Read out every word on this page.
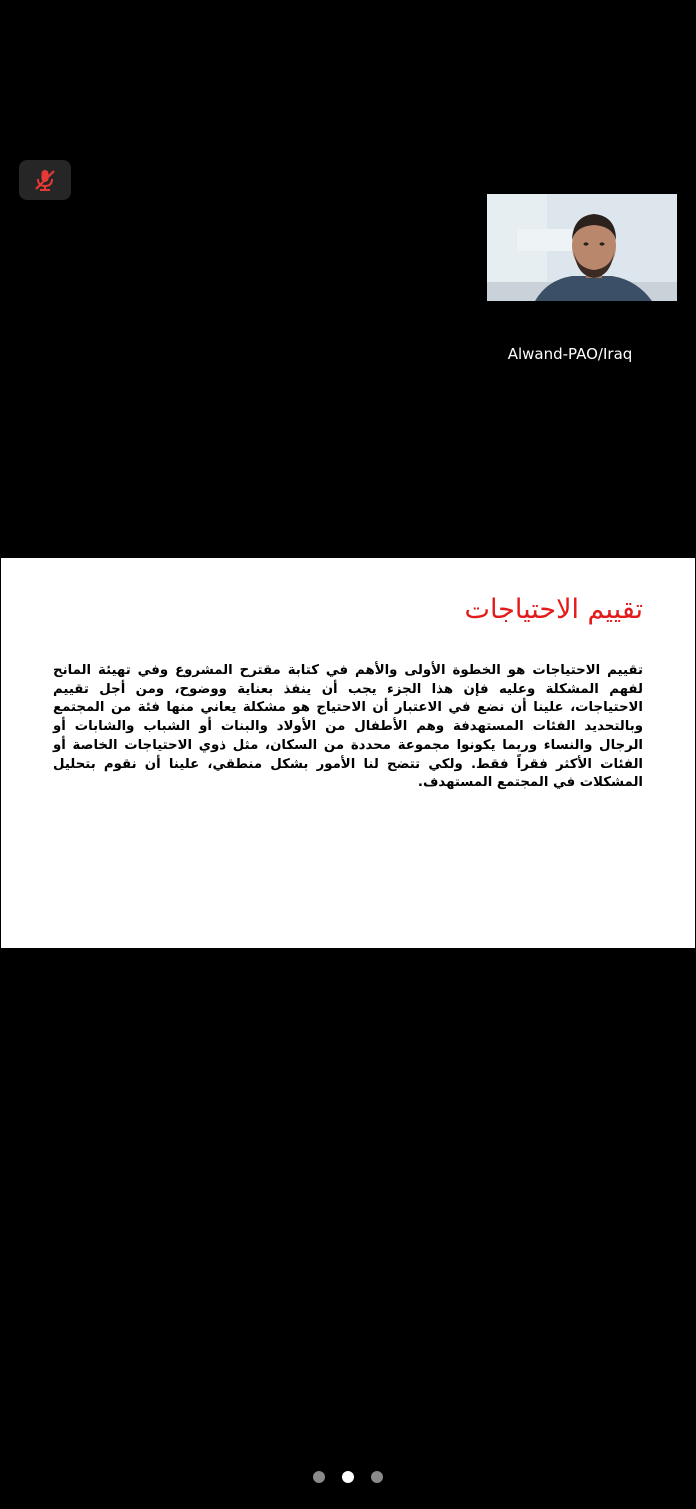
Alwand-PAO/Iraq
تقييم الاحتياجات

تقييم الاحتياجات هو الخطوة الأولى والأهم في كتابة مقترح المشروع وفي تهيئة المانح لفهم المشكلة وعليه فإن هذا الجزء يجب أن ينفذ بعناية ووضوح، ومن أجل تقييم الاحتياجات، علينا أن نضع في الاعتبار أن الاحتياج هو مشكلة يعاني منها فئة من المجتمع وبالتحديد الفئات المستهدفة وهم الأطفال من الأولاد والبنات أو الشباب والشابات أو الرجال والنساء وربما يكونوا مجموعة محددة من السكان، مثل ذوي الاحتياجات الخاصة أو الفئات الأكثر فقراً فقط. ولكي تتضح لنا الأمور بشكل منطقي، علينا أن نقوم بتحليل المشكلات في المجتمع المستهدف.
